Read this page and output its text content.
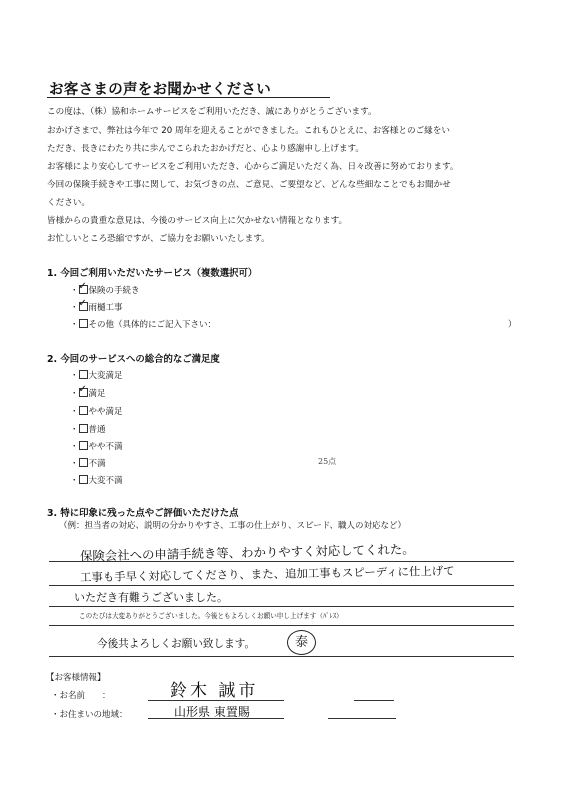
お客さまの声をお聞かせください
この度は、（株）協和ホームサービスをご利用いただき、誠にありがとうございます。
おかげさまで、弊社は今年で 20 周年を迎えることができました。これもひとえに、お客様とのご縁をい
ただき、長きにわたり共に歩んでこられたおかげだと、心より感謝申し上げます。
お客様により安心してサービスをご利用いただき、心からご満足いただく為、日々改善に努めております。
今回の保険手続きや工事に関して、お気づきの点、ご意見、ご要望など、どんな些細なことでもお聞かせ
ください。
皆様からの貴重な意見は、今後のサービス向上に欠かせない情報となります。
お忙しいところ恐縮ですが、ご協力をお願いいたします。
1. 今回ご利用いただいたサービス（複数選択可）
・ ✓ 保険の手続き
・ ✓ 雨樋工事
・ その他（具体的にご記入下さい：	）
2. 今回のサービスへの総合的なご満足度
・ 大変満足
・ ✓ 満足
・ やや満足
・ 普通
・ やや不満
・ 不満
・ 大変不満
25点
3. 特に印象に残った点やご評価いただけた点
（例：担当者の対応、説明の分かりやすさ、工事の仕上がり、スピード、職人の対応など）
保険会社への申請手続き等、わかりやすく対応してくれた。
工事も手早く対応してくださり、また、追加工事もスピーディに仕上げて
いただき有難うございました。
このたびは大変ありがとうございました。今後ともよろしくお願い申し上げます（ﾊﾟﾚｽ）
今後共よろしくお願い致します。	泰
【お客様情報】
・お名前　　：	鈴木 誠市
・お住まいの地域：	山形県 東置賜
